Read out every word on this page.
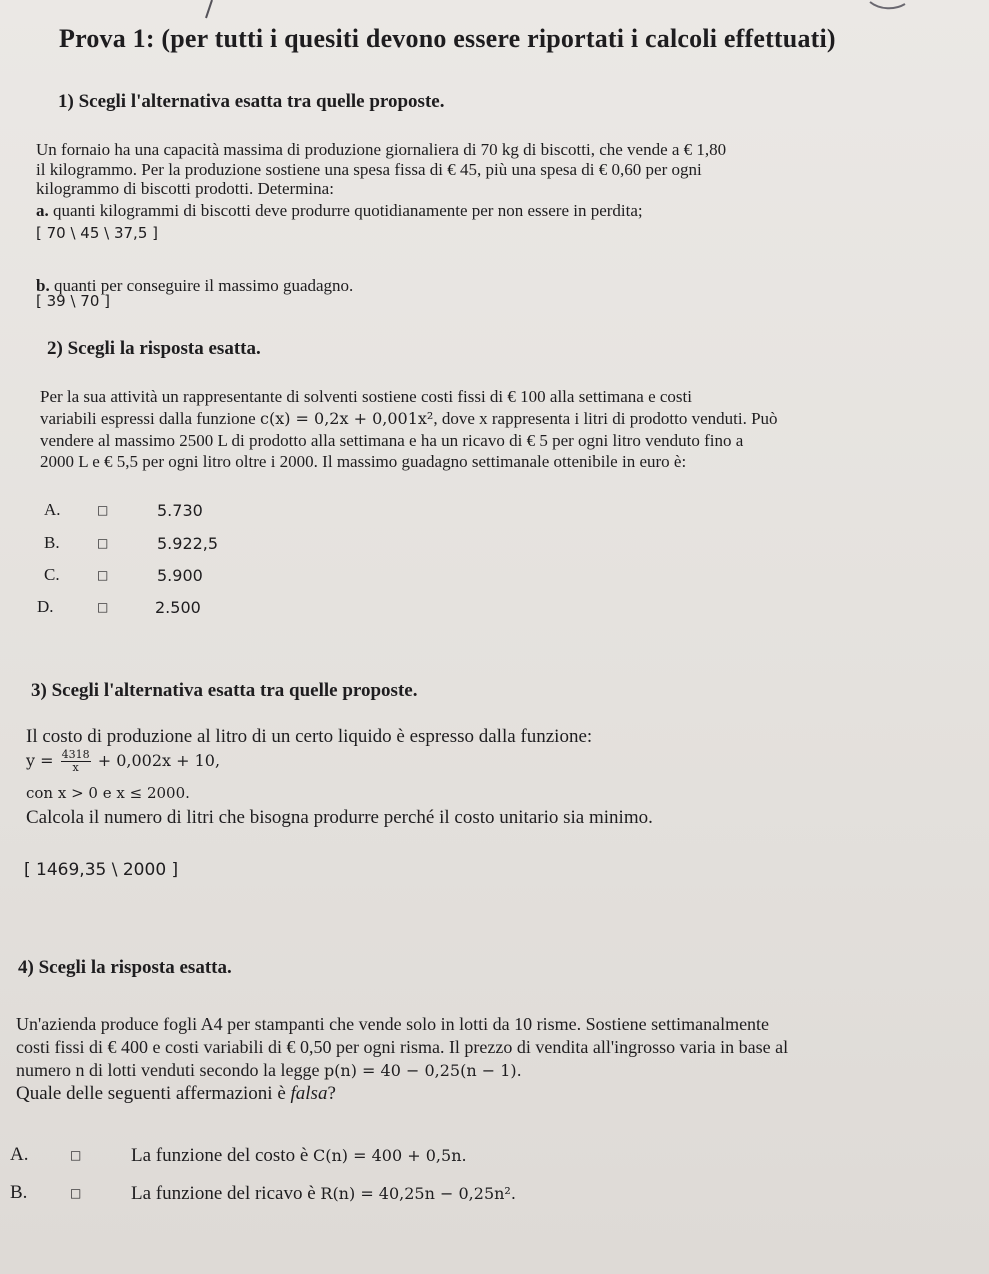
Prova 1: (per tutti i quesiti devono essere riportati i calcoli effettuati)
1) Scegli l'alternativa esatta tra quelle proposte.
Un fornaio ha una capacità massima di produzione giornaliera di 70 kg di biscotti, che vende a € 1,80
il kilogrammo. Per la produzione sostiene una spesa fissa di € 45, più una spesa di € 0,60 per ogni
kilogrammo di biscotti prodotti. Determina:
a. quanti kilogrammi di biscotti deve produrre quotidianamente per non essere in perdita;
[ 70 \ 45 \ 37,5 ]
b. quanti per conseguire il massimo guadagno.
[ 39 \ 70 ]
2) Scegli la risposta esatta.
Per la sua attività un rappresentante di solventi sostiene costi fissi di € 100 alla settimana e costi
variabili espressi dalla funzione c(x) = 0,2x + 0,001x², dove x rappresenta i litri di prodotto venduti. Può
vendere al massimo 2500 L di prodotto alla settimana e ha un ricavo di € 5 per ogni litro venduto fino a
2000 L e € 5,5 per ogni litro oltre i 2000. Il massimo guadagno settimanale ottenibile in euro è:
A.	□	5.730
B.	□	5.922,5
C.	□	5.900
D.	□	2.500
3) Scegli l'alternativa esatta tra quelle proposte.
Il costo di produzione al litro di un certo liquido è espresso dalla funzione:
$y = \frac{4318}{x} + 0,002x + 10$,
con x > 0 e x ≤ 2000.
Calcola il numero di litri che bisogna produrre perché il costo unitario sia minimo.
[ 1469,35 \ 2000 ]
4) Scegli la risposta esatta.
Un'azienda produce fogli A4 per stampanti che vende solo in lotti da 10 risme. Sostiene settimanalmente
costi fissi di € 400 e costi variabili di € 0,50 per ogni risma. Il prezzo di vendita all'ingrosso varia in base al
numero n di lotti venduti secondo la legge p(n) = 40 − 0,25(n − 1).
Quale delle seguenti affermazioni è falsa?
A.	□	La funzione del costo è C(n) = 400 + 0,5n.
B.	□	La funzione del ricavo è R(n) = 40,25n − 0,25n².
